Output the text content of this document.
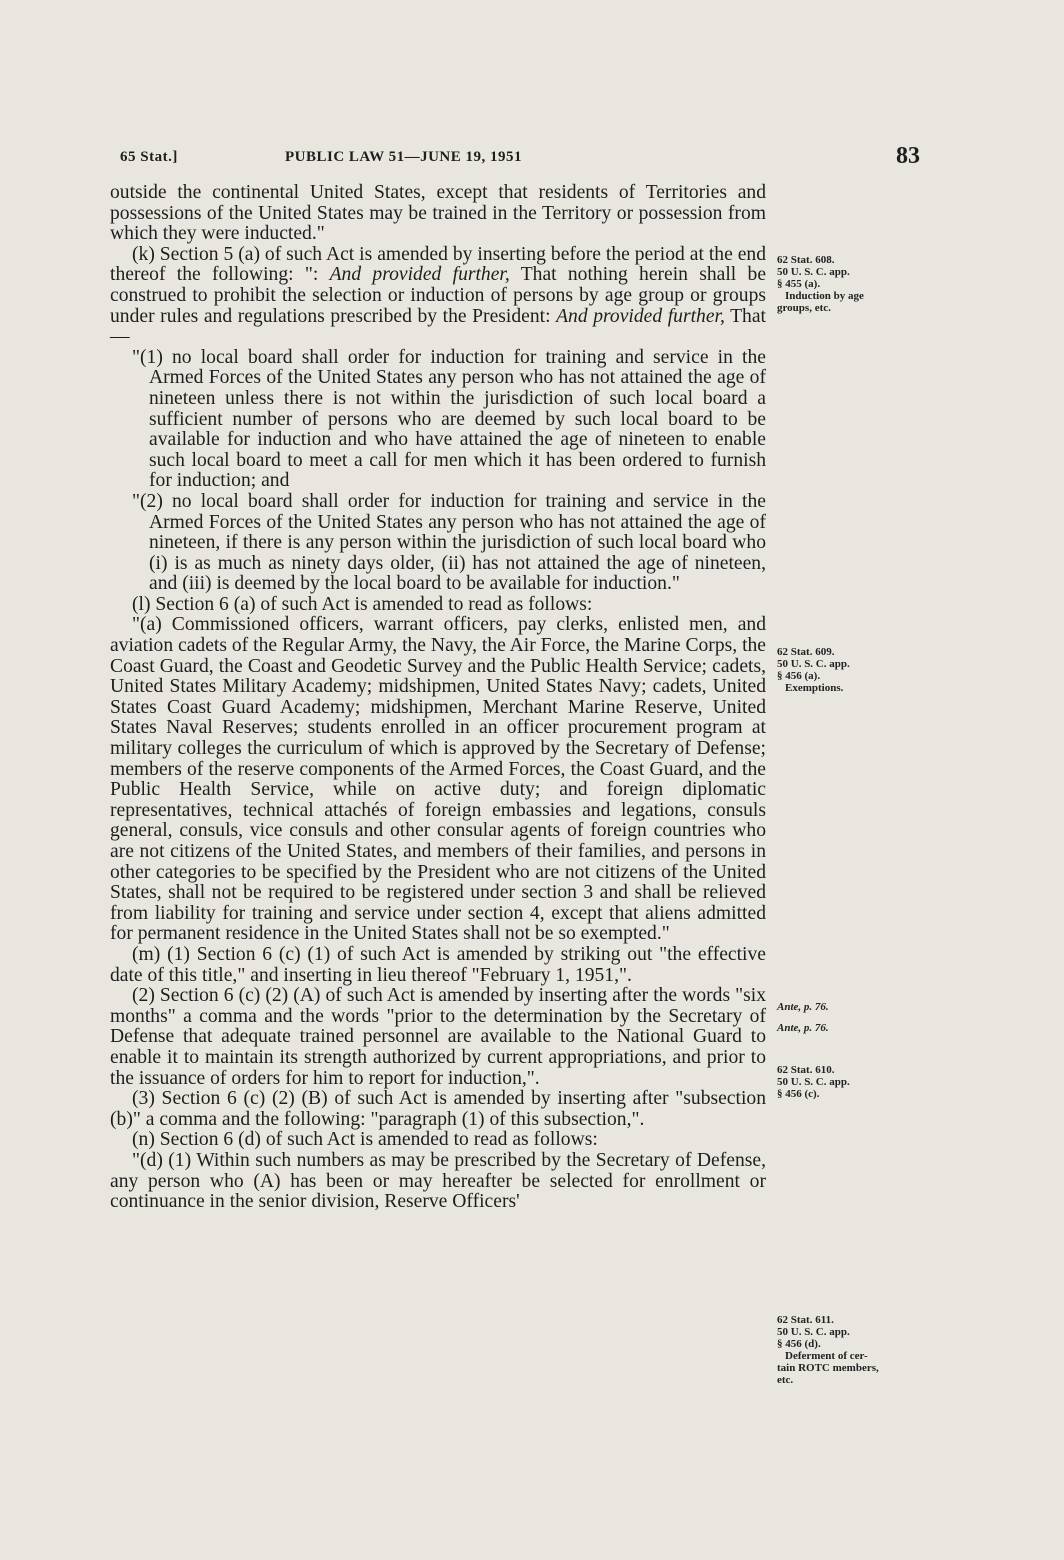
65 Stat.]	PUBLIC LAW 51—JUNE 19, 1951	83

outside the continental United States, except that residents of Territories and possessions of the United States may be trained in the Territory or possession from which they were inducted."

(k) Section 5 (a) of such Act is amended by inserting before the period at the end thereof the following: ": And provided further, That nothing herein shall be construed to prohibit the selection or induction of persons by age group or groups under rules and regulations prescribed by the President: And provided further, That—

"(1) no local board shall order for induction for training and service in the Armed Forces of the United States any person who has not attained the age of nineteen unless there is not within the jurisdiction of such local board a sufficient number of persons who are deemed by such local board to be available for induction and who have attained the age of nineteen to enable such local board to meet a call for men which it has been ordered to furnish for induction; and

"(2) no local board shall order for induction for training and service in the Armed Forces of the United States any person who has not attained the age of nineteen, if there is any person within the jurisdiction of such local board who (i) is as much as ninety days older, (ii) has not attained the age of nineteen, and (iii) is deemed by the local board to be available for induction."

(l) Section 6 (a) of such Act is amended to read as follows:

"(a) Commissioned officers, warrant officers, pay clerks, enlisted men, and aviation cadets of the Regular Army, the Navy, the Air Force, the Marine Corps, the Coast Guard, the Coast and Geodetic Survey and the Public Health Service; cadets, United States Military Academy; midshipmen, United States Navy; cadets, United States Coast Guard Academy; midshipmen, Merchant Marine Reserve, United States Naval Reserves; students enrolled in an officer procurement program at military colleges the curriculum of which is approved by the Secretary of Defense; members of the reserve components of the Armed Forces, the Coast Guard, and the Public Health Service, while on active duty; and foreign diplomatic representatives, technical attachés of foreign embassies and legations, consuls general, consuls, vice consuls and other consular agents of foreign countries who are not citizens of the United States, and members of their families, and persons in other categories to be specified by the President who are not citizens of the United States, shall not be required to be registered under section 3 and shall be relieved from liability for training and service under section 4, except that aliens admitted for permanent residence in the United States shall not be so exempted."

(m) (1) Section 6 (c) (1) of such Act is amended by striking out "the effective date of this title," and inserting in lieu thereof "February 1, 1951,".

(2) Section 6 (c) (2) (A) of such Act is amended by inserting after the words "six months" a comma and the words "prior to the determination by the Secretary of Defense that adequate trained personnel are available to the National Guard to enable it to maintain its strength authorized by current appropriations, and prior to the issuance of orders for him to report for induction,".

(3) Section 6 (c) (2) (B) of such Act is amended by inserting after "subsection (b)" a comma and the following: "paragraph (1) of this subsection,".

(n) Section 6 (d) of such Act is amended to read as follows:

"(d) (1) Within such numbers as may be prescribed by the Secretary of Defense, any person who (A) has been or may hereafter be selected for enrollment or continuance in the senior division, Reserve Officers'

62 Stat. 608.
50 U. S. C. app.
§ 455 (a).
Induction by age
groups, etc.
62 Stat. 609.
50 U. S. C. app.
§ 456 (a).
Exemptions.
Ante, p. 76.
Ante, p. 76.
62 Stat. 610.
50 U. S. C. app.
§ 456 (c).
62 Stat. 611.
50 U. S. C. app.
§ 456 (d).
Deferment of cer-
tain ROTC members,
etc.
